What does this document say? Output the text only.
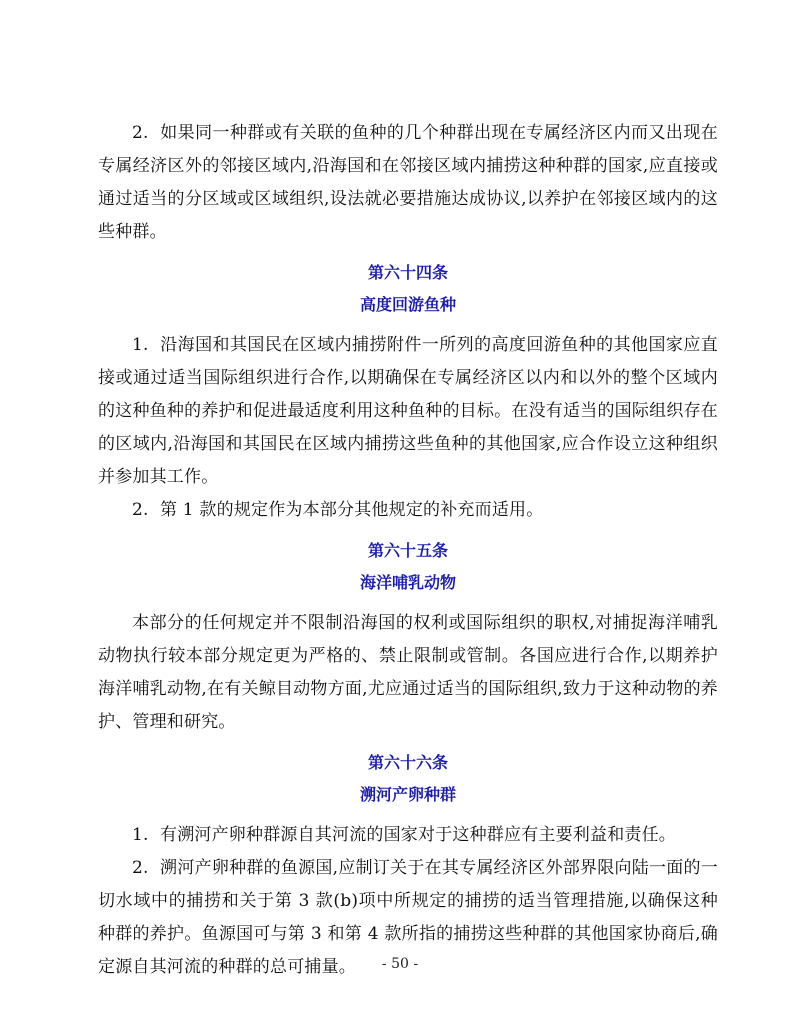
2. 如果同一种群或有关联的鱼种的几个种群出现在专属经济区内而又出现在专属经济区外的邻接区域内,沿海国和在邻接区域内捕捞这种种群的国家,应直接或通过适当的分区域或区域组织,设法就必要措施达成协议,以养护在邻接区域内的这些种群。

第六十四条

高度回游鱼种

1. 沿海国和其国民在区域内捕捞附件一所列的高度回游鱼种的其他国家应直接或通过适当国际组织进行合作,以期确保在专属经济区以内和以外的整个区域内的这种鱼种的养护和促进最适度利用这种鱼种的目标。在没有适当的国际组织存在的区域内,沿海国和其国民在区域内捕捞这些鱼种的其他国家,应合作设立这种组织并参加其工作。

2. 第 1 款的规定作为本部分其他规定的补充而适用。

第六十五条

海洋哺乳动物

本部分的任何规定并不限制沿海国的权利或国际组织的职权,对捕捉海洋哺乳动物执行较本部分规定更为严格的、禁止限制或管制。各国应进行合作,以期养护海洋哺乳动物,在有关鲸目动物方面,尤应通过适当的国际组织,致力于这种动物的养护、管理和研究。

第六十六条

溯河产卵种群

1. 有溯河产卵种群源自其河流的国家对于这种群应有主要利益和责任。

2. 溯河产卵种群的鱼源国,应制订关于在其专属经济区外部界限向陆一面的一切水域中的捕捞和关于第 3 款(b)项中所规定的捕捞的适当管理措施,以确保这种种群的养护。鱼源国可与第 3 和第 4 款所指的捕捞这些种群的其他国家协商后,确定源自其河流的种群的总可捕量。	- 50 -
